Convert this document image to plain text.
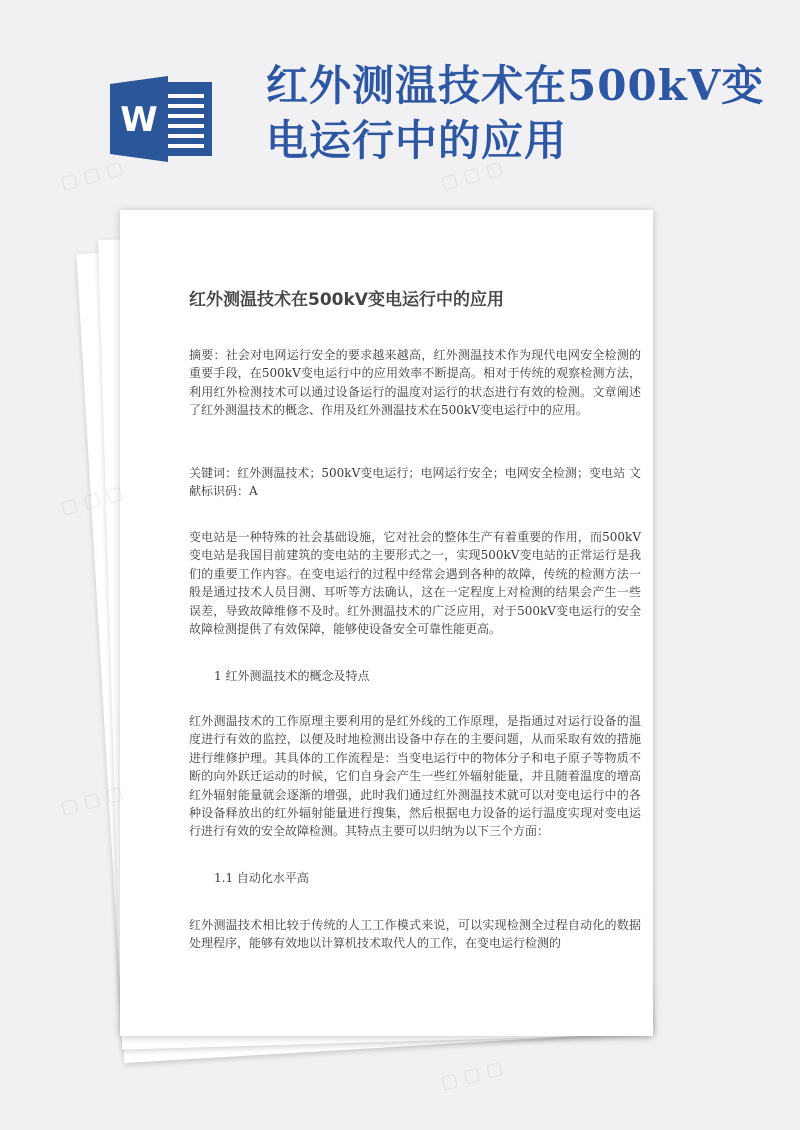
W
红外测温技术在500kV变电运行中的应用
红外测温技术在500kV变电运行中的应用

摘要：社会对电网运行安全的要求越来越高，红外测温技术作为现代电网安全检测的重要手段，在500kV变电运行中的应用效率不断提高。相对于传统的观察检测方法，利用红外检测技术可以通过设备运行的温度对运行的状态进行有效的检测。文章阐述了红外测温技术的概念、作用及红外测温技术在500kV变电运行中的应用。

关键词：红外测温技术；500kV变电运行；电网运行安全；电网安全检测；变电站 文献标识码：A

变电站是一种特殊的社会基础设施，它对社会的整体生产有着重要的作用，而500kV变电站是我国目前建筑的变电站的主要形式之一，实现500kV变电站的正常运行是我们的重要工作内容。在变电运行的过程中经常会遇到各种的故障，传统的检测方法一般是通过技术人员目测、耳听等方法确认，这在一定程度上对检测的结果会产生一些误差，导致故障维修不及时。红外测温技术的广泛应用，对于500kV变电运行的安全故障检测提供了有效保障，能够使设备安全可靠性能更高。

1 红外测温技术的概念及特点

红外测温技术的工作原理主要利用的是红外线的工作原理，是指通过对运行设备的温度进行有效的监控，以便及时地检测出设备中存在的主要问题，从而采取有效的措施进行维修护理。其具体的工作流程是：当变电运行中的物体分子和电子原子等物质不断的向外跃迁运动的时候，它们自身会产生一些红外辐射能量，并且随着温度的增高红外辐射能量就会逐渐的增强，此时我们通过红外测温技术就可以对变电运行中的各种设备释放出的红外辐射能量进行搜集，然后根据电力设备的运行温度实现对变电运行进行有效的安全故障检测。其特点主要可以归纳为以下三个方面：

1.1 自动化水平高

红外测温技术相比较于传统的人工工作模式来说，可以实现检测全过程自动化的数据处理程序，能够有效地以计算机技术取代人的工作，在变电运行检测的

▢ ▢ ▢	▢ ▢ ▢
▢
▢ ▢ ▢
▢ ▢ ▢
